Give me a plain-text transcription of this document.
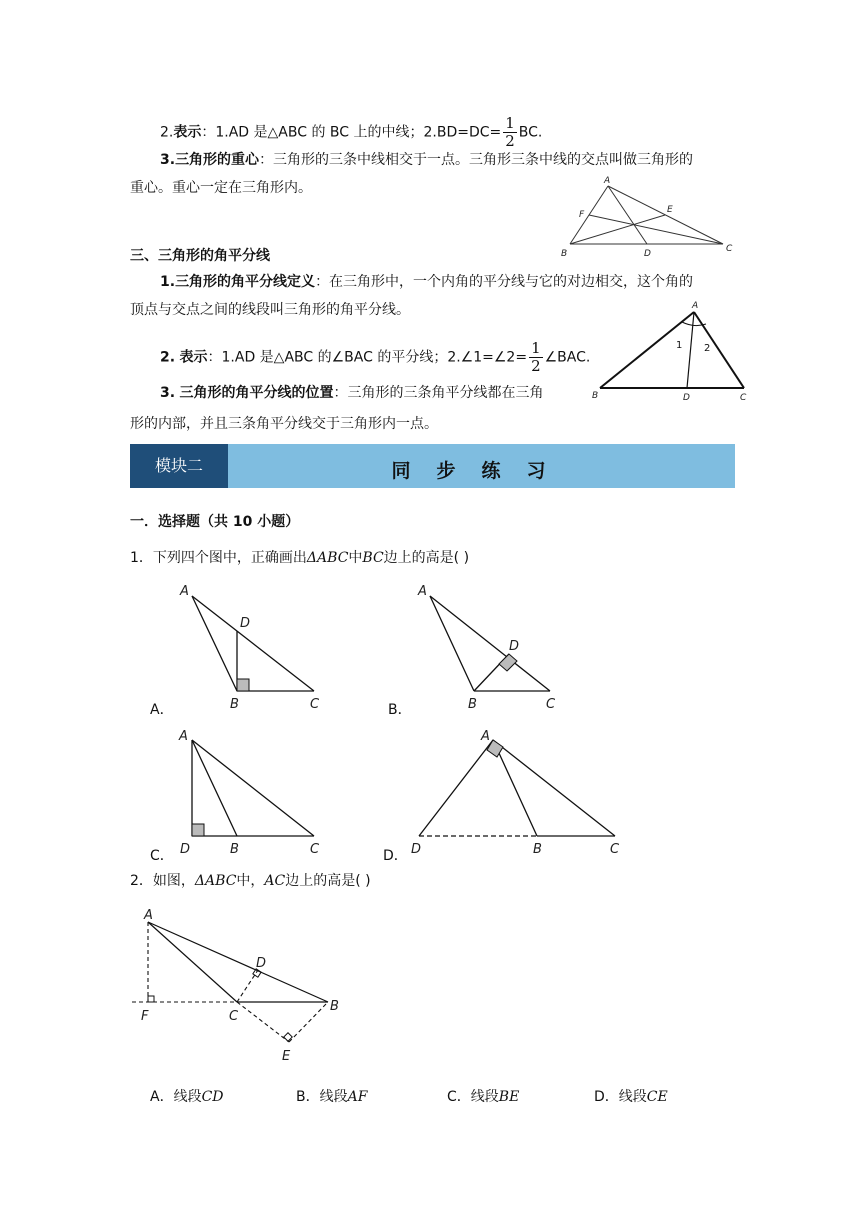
2.表示：1.AD 是△ABC 的 BC 上的中线；$2.BD=DC= \frac{1}{2}$ BC.
3.三角形的重心：三角形的三条中线相交于一点。三角形三条中线的交点叫做三角形的
重心。重心一定在三角形内。	A
B	C
D
E
F
三、三角形的角平分线
1.三角形的角平分线定义：在三角形中，一个内角的平分线与它的对边相交，这个角的
顶点与交点之间的线段叫三角形的角平分线。
2. 表示：1.AD 是△ABC 的∠BAC 的平分线；2.∠1=∠2= $\frac{1}{2}$ ∠BAC.
3. 三角形的角平分线的位置：三角形的三条角平分线都在三角
形的内部，并且三条角平分线交于三角形内一点。
1 2
A
B	D	C
模块二	同步练习
一．选择题（共 10 小题）
1．下列四个图中，正确画出ΔABC中BC边上的高是( )
A
D
B	C
A．
A
D
B	C
B．
A
D	B	C
C．
A
D	B	C
D．
2．如图，ΔABC中，AC边上的高是( )
A
D
F	C
B
E
A．线段CD	B．线段AF	C．线段BE	D．线段CE
